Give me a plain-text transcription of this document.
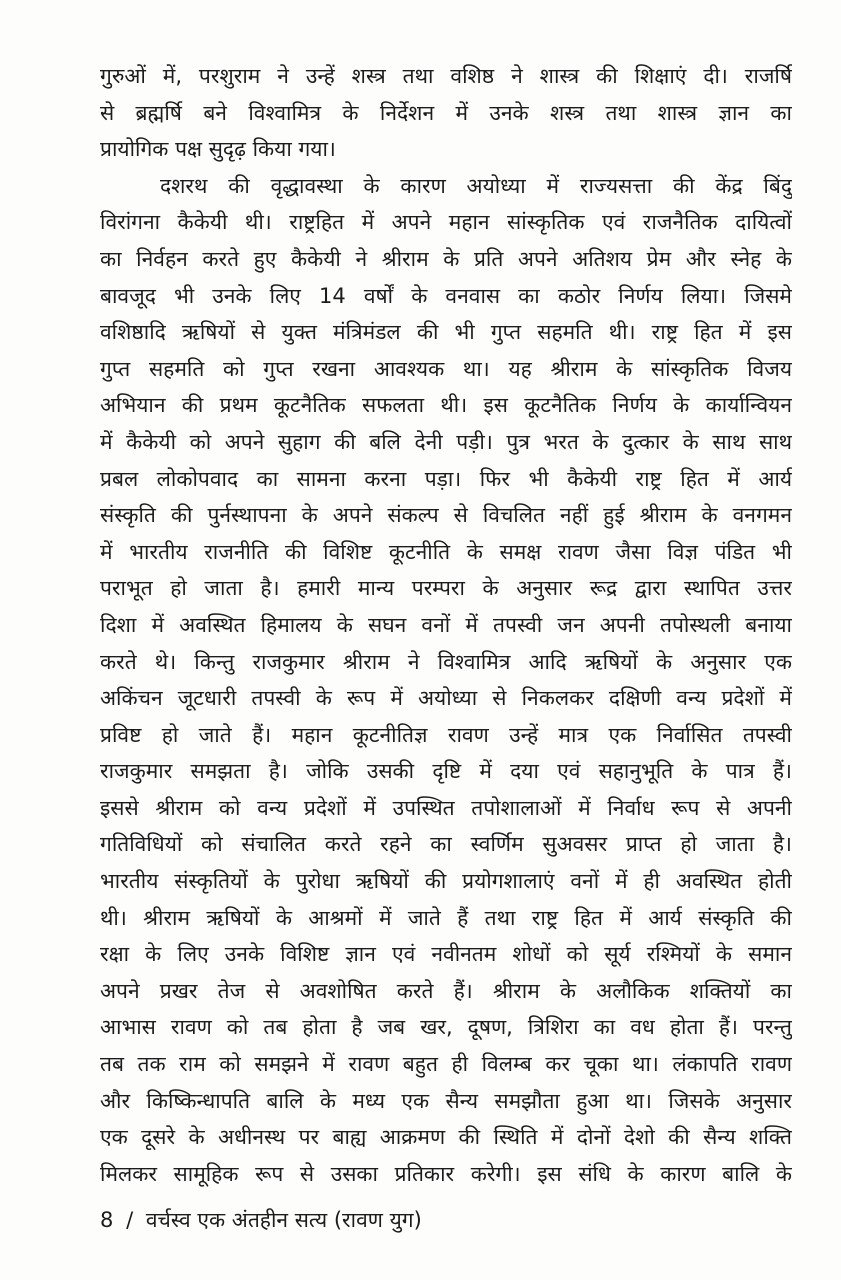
गुरुओं में, परशुराम ने उन्हें शस्त्र तथा वशिष्ठ ने शास्त्र की शिक्षाएं दी। राजर्षि
से ब्रह्मर्षि बने विश्वामित्र के निर्देशन में उनके शस्त्र तथा शास्त्र ज्ञान का
प्रायोगिक पक्ष सुदृढ़ किया गया।
दशरथ की वृद्धावस्था के कारण अयोध्या में राज्यसत्ता की केंद्र बिंदु
विरांगना कैकेयी थी। राष्ट्रहित में अपने महान सांस्कृतिक एवं राजनैतिक दायित्वों
का निर्वहन करते हुए कैकेयी ने श्रीराम के प्रति अपने अतिशय प्रेम और स्नेह के
बावजूद भी उनके लिए 14 वर्षों के वनवास का कठोर निर्णय लिया। जिसमे
वशिष्ठादि ऋषियों से युक्त मंत्रिमंडल की भी गुप्त सहमति थी। राष्ट्र हित में इस
गुप्त सहमति को गुप्त रखना आवश्यक था। यह श्रीराम के सांस्कृतिक विजय
अभियान की प्रथम कूटनैतिक सफलता थी। इस कूटनैतिक निर्णय के कार्यान्वियन
में कैकेयी को अपने सुहाग की बलि देनी पड़ी। पुत्र भरत के दुत्कार के साथ साथ
प्रबल लोकोपवाद का सामना करना पड़ा। फिर भी कैकेयी राष्ट्र हित में आर्य
संस्कृति की पुर्नस्थापना के अपने संकल्प से विचलित नहीं हुई श्रीराम के वनगमन
में भारतीय राजनीति की विशिष्ट कूटनीति के समक्ष रावण जैसा विज्ञ पंडित भी
पराभूत हो जाता है। हमारी मान्य परम्परा के अनुसार रूद्र द्वारा स्थापित उत्तर
दिशा में अवस्थित हिमालय के सघन वनों में तपस्वी जन अपनी तपोस्थली बनाया
करते थे। किन्तु राजकुमार श्रीराम ने विश्वामित्र आदि ऋषियों के अनुसार एक
अकिंचन जूटधारी तपस्वी के रूप में अयोध्या से निकलकर दक्षिणी वन्य प्रदेशों में
प्रविष्ट हो जाते हैं। महान कूटनीतिज्ञ रावण उन्हें मात्र एक निर्वासित तपस्वी
राजकुमार समझता है। जोकि उसकी दृष्टि में दया एवं सहानुभूति के पात्र हैं।
इससे श्रीराम को वन्य प्रदेशों में उपस्थित तपोशालाओं में निर्वाध रूप से अपनी
गतिविधियों को संचालित करते रहने का स्वर्णिम सुअवसर प्राप्त हो जाता है।
भारतीय संस्कृतियों के पुरोधा ऋषियों की प्रयोगशालाएं वनों में ही अवस्थित होती
थी। श्रीराम ऋषियों के आश्रमों में जाते हैं तथा राष्ट्र हित में आर्य संस्कृति की
रक्षा के लिए उनके विशिष्ट ज्ञान एवं नवीनतम शोधों को सूर्य रश्मियों के समान
अपने प्रखर तेज से अवशोषित करते हैं। श्रीराम के अलौकिक शक्तियों का
आभास रावण को तब होता है जब खर, दूषण, त्रिशिरा का वध होता हैं। परन्तु
तब तक राम को समझने में रावण बहुत ही विलम्ब कर चूका था। लंकापति रावण
और किष्किन्धापति बालि के मध्य एक सैन्य समझौता हुआ था। जिसके अनुसार
एक दूसरे के अधीनस्थ पर बाह्य आक्रमण की स्थिति में दोनों देशो की सैन्य शक्ति
मिलकर सामूहिक रूप से उसका प्रतिकार करेगी। इस संधि के कारण बालि के
8 / वर्चस्व एक अंतहीन सत्य (रावण युग)
